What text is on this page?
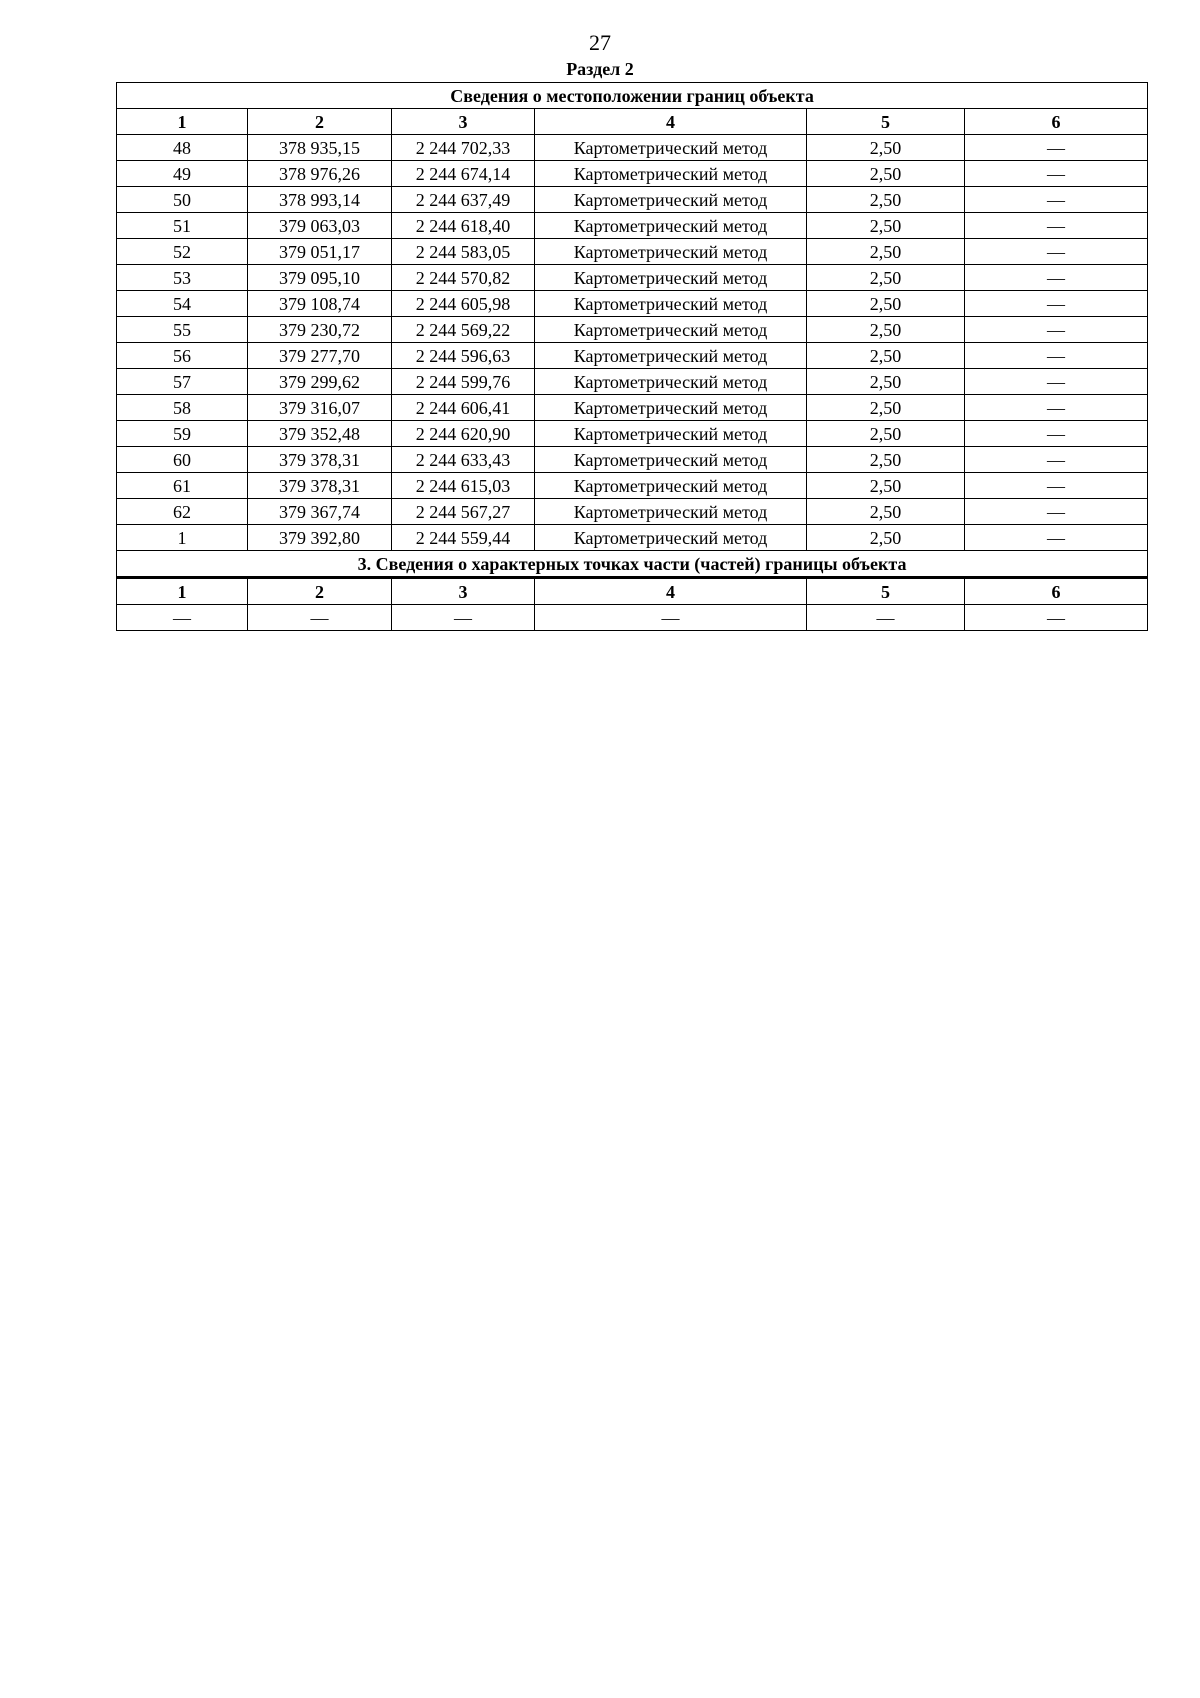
27
Раздел 2
Сведения о местоположении границ объекта					
1	2	3	4	5	6
48	378 935,15	2 244 702,33	Картометрический метод	2,50	—
49	378 976,26	2 244 674,14	Картометрический метод	2,50	—
50	378 993,14	2 244 637,49	Картометрический метод	2,50	—
51	379 063,03	2 244 618,40	Картометрический метод	2,50	—
52	379 051,17	2 244 583,05	Картометрический метод	2,50	—
53	379 095,10	2 244 570,82	Картометрический метод	2,50	—
54	379 108,74	2 244 605,98	Картометрический метод	2,50	—
55	379 230,72	2 244 569,22	Картометрический метод	2,50	—
56	379 277,70	2 244 596,63	Картометрический метод	2,50	—
57	379 299,62	2 244 599,76	Картометрический метод	2,50	—
58	379 316,07	2 244 606,41	Картометрический метод	2,50	—
59	379 352,48	2 244 620,90	Картометрический метод	2,50	—
60	379 378,31	2 244 633,43	Картометрический метод	2,50	—
61	379 378,31	2 244 615,03	Картометрический метод	2,50	—
62	379 367,74	2 244 567,27	Картометрический метод	2,50	—
1	379 392,80	2 244 559,44	Картометрический метод	2,50	—
3. Сведения о характерных точках части (частей) границы объекта					
1	2	3	4	5	6
—	—	—	—	—	—
